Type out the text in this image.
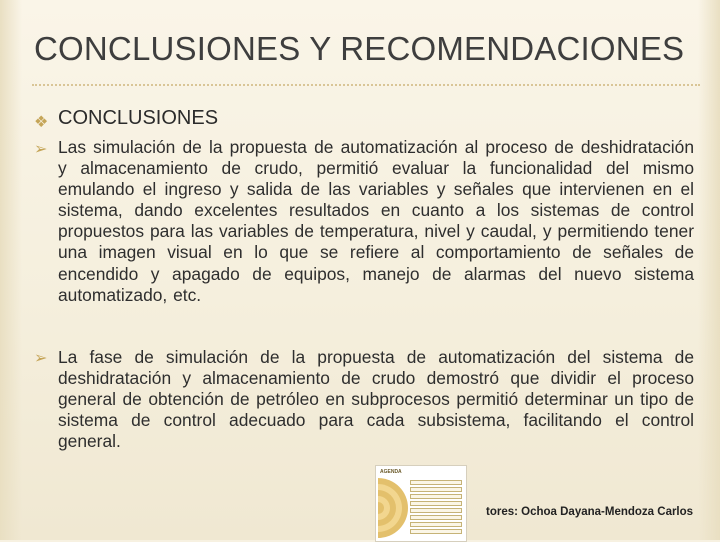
CONCLUSIONES Y RECOMENDACIONES
❖ CONCLUSIONES
➢ Las simulación de la propuesta de automatización al proceso de deshidratación y almacenamiento de crudo, permitió evaluar la funcionalidad del mismo emulando el ingreso y salida de las variables y señales que intervienen en el sistema, dando excelentes resultados en cuanto a los sistemas de control propuestos para las variables de temperatura, nivel y caudal, y permitiendo tener una imagen visual en lo que se refiere al comportamiento de señales de encendido y apagado de equipos, manejo de alarmas del nuevo sistema automatizado, etc.
➢ La fase de simulación de la propuesta de automatización del sistema de deshidratación y almacenamiento de crudo demostró que dividir el proceso general de obtención de petróleo en subprocesos permitió determinar un tipo de sistema de control adecuado para cada subsistema, facilitando el control general.
AGENDA
tores: Ochoa Dayana-Mendoza Carlos
